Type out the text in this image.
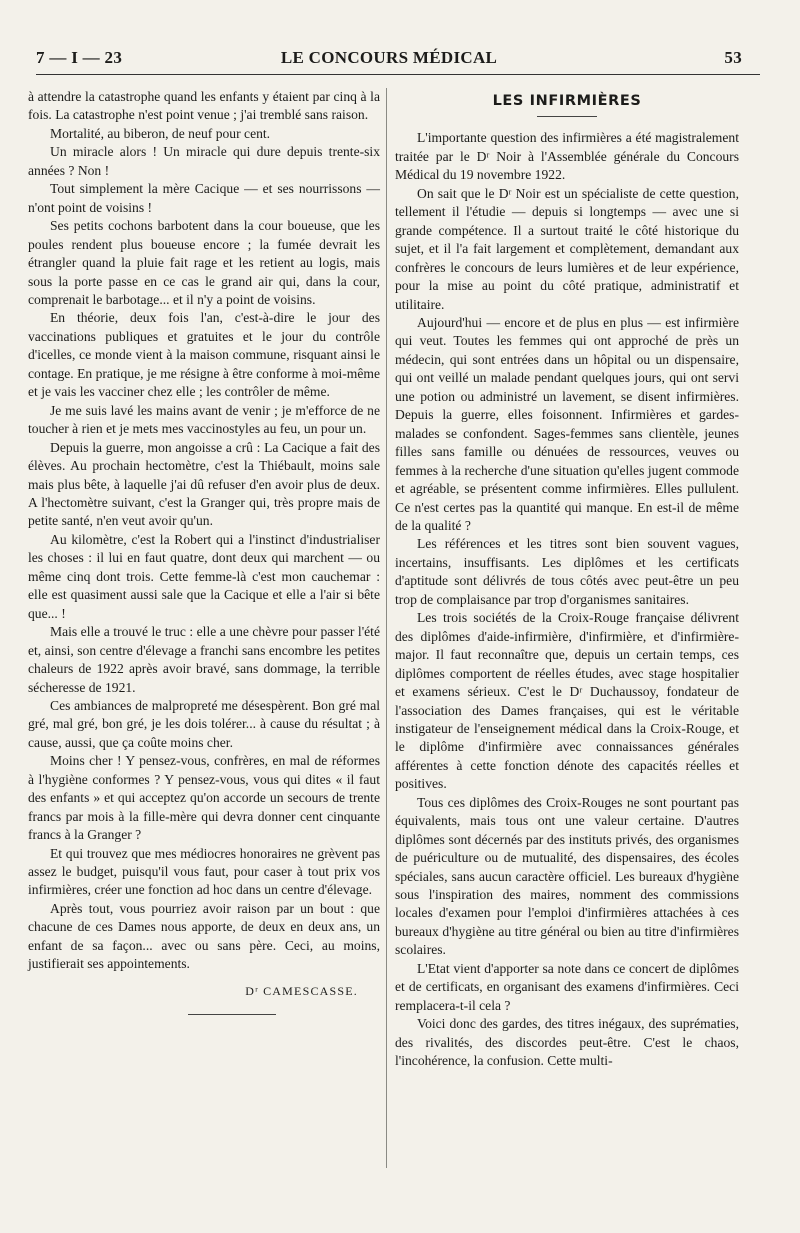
7 — I — 23	LE CONCOURS MÉDICAL	53

à attendre la catastrophe quand les enfants y étaient par cinq à la fois. La catastrophe n'est point venue ; j'ai tremblé sans raison.

Mortalité, au biberon, de neuf pour cent.

Un miracle alors ! Un miracle qui dure depuis trente-six années ? Non !

Tout simplement la mère Cacique — et ses nourrissons — n'ont point de voisins !

Ses petits cochons barbotent dans la cour boueuse, que les poules rendent plus boueuse encore ; la fumée devrait les étrangler quand la pluie fait rage et les retient au logis, mais sous la porte passe en ce cas le grand air qui, dans la cour, comprenait le barbotage... et il n'y a point de voisins.

En théorie, deux fois l'an, c'est-à-dire le jour des vaccinations publiques et gratuites et le jour du contrôle d'icelles, ce monde vient à la maison commune, risquant ainsi le contage. En pratique, je me résigne à être conforme à moi-même et je vais les vacciner chez elle ; les contrôler de même.

Je me suis lavé les mains avant de venir ; je m'efforce de ne toucher à rien et je mets mes vaccinostyles au feu, un pour un.

Depuis la guerre, mon angoisse a crû : La Cacique a fait des élèves. Au prochain hectomètre, c'est la Thiébault, moins sale mais plus bête, à laquelle j'ai dû refuser d'en avoir plus de deux. A l'hectomètre suivant, c'est la Granger qui, très propre mais de petite santé, n'en veut avoir qu'un.

Au kilomètre, c'est la Robert qui a l'instinct d'industrialiser les choses : il lui en faut quatre, dont deux qui marchent — ou même cinq dont trois. Cette femme-là c'est mon cauchemar : elle est quasiment aussi sale que la Cacique et elle a l'air si bête que... !

Mais elle a trouvé le truc : elle a une chèvre pour passer l'été et, ainsi, son centre d'élevage a franchi sans encombre les petites chaleurs de 1922 après avoir bravé, sans dommage, la terrible sécheresse de 1921.

Ces ambiances de malpropreté me désespèrent. Bon gré mal gré, mal gré, bon gré, je les dois tolérer... à cause du résultat ; à cause, aussi, que ça coûte moins cher.

Moins cher ! Y pensez-vous, confrères, en mal de réformes à l'hygiène conformes ? Y pensez-vous, vous qui dites « il faut des enfants » et qui acceptez qu'on accorde un secours de trente francs par mois à la fille-mère qui devra donner cent cinquante francs à la Granger ?

Et qui trouvez que mes médiocres honoraires ne grèvent pas assez le budget, puisqu'il vous faut, pour caser à tout prix vos infirmières, créer une fonction ad hoc dans un centre d'élevage.

Après tout, vous pourriez avoir raison par un bout : que chacune de ces Dames nous apporte, de deux en deux ans, un enfant de sa façon... avec ou sans père. Ceci, au moins, justifierait ses appointements.

Dʳ CAMESCASSE.
LES INFIRMIÈRES

L'importante question des infirmières a été magistralement traitée par le Dʳ Noir à l'Assemblée générale du Concours Médical du 19 novembre 1922.

On sait que le Dʳ Noir est un spécialiste de cette question, tellement il l'étudie — depuis si longtemps — avec une si grande compétence. Il a surtout traité le côté historique du sujet, et il l'a fait largement et complètement, demandant aux confrères le concours de leurs lumières et de leur expérience, pour la mise au point du côté pratique, administratif et utilitaire.

Aujourd'hui — encore et de plus en plus — est infirmière qui veut. Toutes les femmes qui ont approché de près un médecin, qui sont entrées dans un hôpital ou un dispensaire, qui ont veillé un malade pendant quelques jours, qui ont servi une potion ou administré un lavement, se disent infirmières. Depuis la guerre, elles foisonnent. Infirmières et gardes-malades se confondent. Sages-femmes sans clientèle, jeunes filles sans famille ou dénuées de ressources, veuves ou femmes à la recherche d'une situation qu'elles jugent commode et agréable, se présentent comme infirmières. Elles pullulent. Ce n'est certes pas la quantité qui manque. En est-il de même de la qualité ?

Les références et les titres sont bien souvent vagues, incertains, insuffisants. Les diplômes et les certificats d'aptitude sont délivrés de tous côtés avec peut-être un peu trop de complaisance par trop d'organismes sanitaires.

Les trois sociétés de la Croix-Rouge française délivrent des diplômes d'aide-infirmière, d'infirmière, et d'infirmière-major. Il faut reconnaître que, depuis un certain temps, ces diplômes comportent de réelles études, avec stage hospitalier et examens sérieux. C'est le Dʳ Duchaussoy, fondateur de l'association des Dames françaises, qui est le véritable instigateur de l'enseignement médical dans la Croix-Rouge, et le diplôme d'infirmière avec connaissances générales afférentes à cette fonction dénote des capacités réelles et positives.

Tous ces diplômes des Croix-Rouges ne sont pourtant pas équivalents, mais tous ont une valeur certaine. D'autres diplômes sont décernés par des instituts privés, des organismes de puériculture ou de mutualité, des dispensaires, des écoles spéciales, sans aucun caractère officiel. Les bureaux d'hygiène sous l'inspiration des maires, nomment des commissions locales d'examen pour l'emploi d'infirmières attachées à ces bureaux d'hygiène au titre général ou bien au titre d'infirmières scolaires.

L'Etat vient d'apporter sa note dans ce concert de diplômes et de certificats, en organisant des examens d'infirmières. Ceci remplacera-t-il cela ?

Voici donc des gardes, des titres inégaux, des suprématies, des rivalités, des discordes peut-être. C'est le chaos, l'incohérence, la confusion. Cette multi-
